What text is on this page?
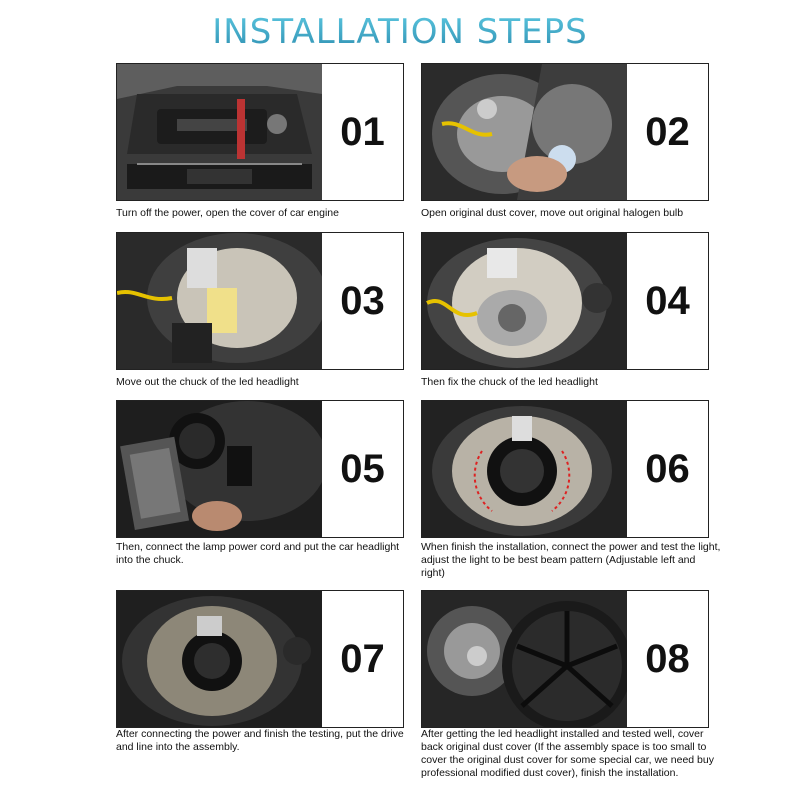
INSTALLATION STEPS
01
Turn off the power, open the cover of car engine
02
Open original dust cover, move out original halogen bulb
03
Move out the chuck of the led headlight
04
Then fix the chuck of the led headlight
05
Then, connect the lamp power cord and put the car headlight into the chuck.
06
When finish the installation, connect the power and test the light, adjust the light to be best beam pattern (Adjustable left and right)
07
After connecting the power and finish the testing, put the drive and line into the assembly.
08
After getting the led headlight installed and tested well, cover back original dust cover (If the assembly space is too small to cover the original dust cover for some special car, we need buy professional modified dust cover), finish the installation.
